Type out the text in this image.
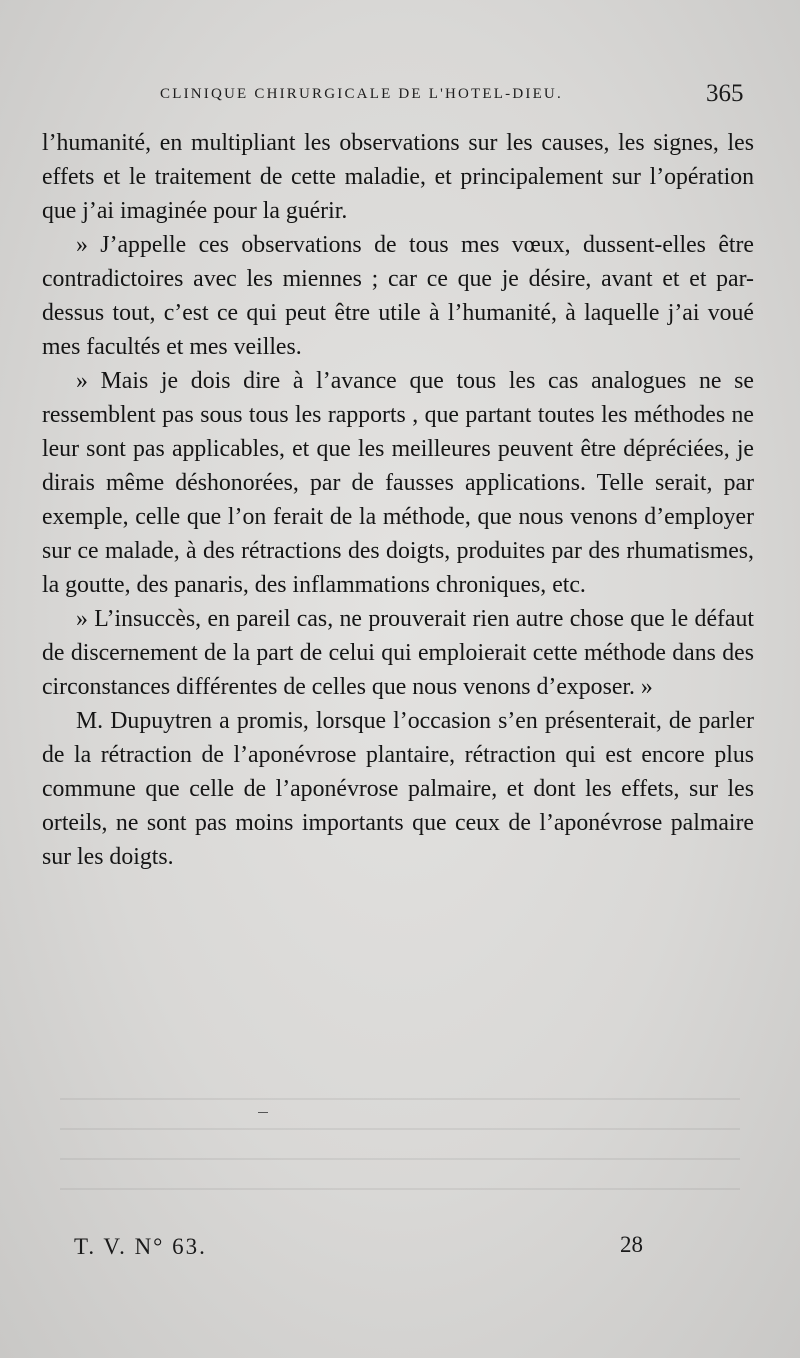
CLINIQUE CHIRURGICALE DE L'HOTEL-DIEU.	365

l’humanité, en multipliant les observations sur les causes, les signes, les effets et le traitement de cette maladie, et principalement sur l’opération que j’ai imaginée pour la guérir.

» J’appelle ces observations de tous mes vœux, dussent-elles être contradictoires avec les miennes ; car ce que je désire, avant et et par-dessus tout, c’est ce qui peut être utile à l’humanité, à laquelle j’ai voué mes facultés et mes veilles.

» Mais je dois dire à l’avance que tous les cas analogues ne se ressemblent pas sous tous les rapports , que partant toutes les méthodes ne leur sont pas applicables, et que les meilleures peuvent être dépréciées, je dirais même déshonorées, par de fausses applications. Telle serait, par exemple, celle que l’on ferait de la méthode, que nous venons d’employer sur ce malade, à des rétractions des doigts, produites par des rhumatismes, la goutte, des panaris, des inflammations chroniques, etc.

» L’insuccès, en pareil cas, ne prouverait rien autre chose que le défaut de discernement de la part de celui qui emploierait cette méthode dans des circonstances différentes de celles que nous venons d’exposer. »

M. Dupuytren a promis, lorsque l’occasion s’en présenterait, de parler de la rétraction de l’aponévrose plantaire, rétraction qui est encore plus commune que celle de l’aponévrose palmaire, et dont les effets, sur les orteils, ne sont pas moins importants que ceux de l’aponévrose palmaire sur les doigts.

T. V. N° 63.	28
